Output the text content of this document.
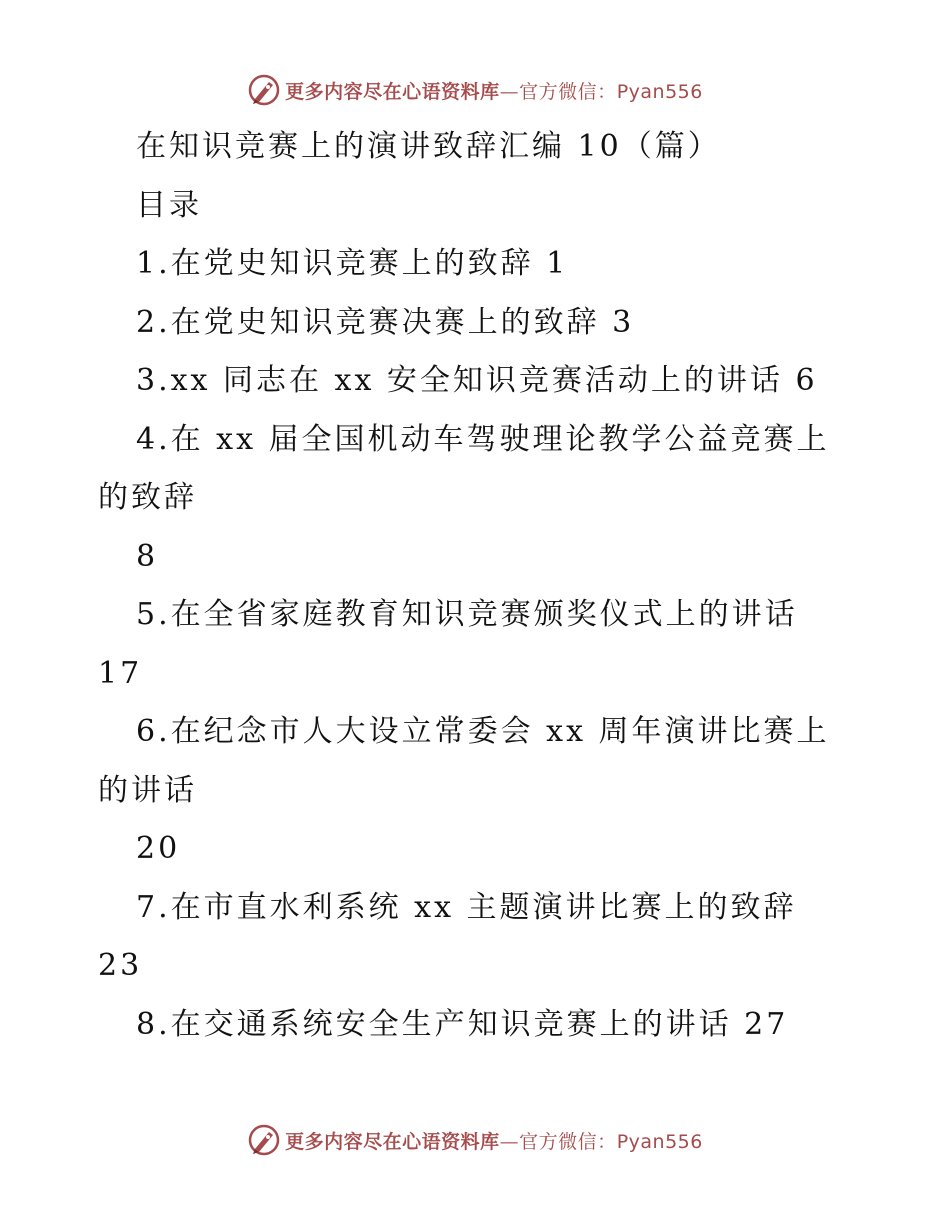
更多内容尽在心语资料库—官方微信：Pyan556
在知识竞赛上的演讲致辞汇编 10（篇）
目录
1.在党史知识竞赛上的致辞 1
2.在党史知识竞赛决赛上的致辞 3
3.xx 同志在 xx 安全知识竞赛活动上的讲话 6
4.在 xx 届全国机动车驾驶理论教学公益竞赛上
的致辞
8
5.在全省家庭教育知识竞赛颁奖仪式上的讲话
17
6.在纪念市人大设立常委会 xx 周年演讲比赛上
的讲话
20
7.在市直水利系统 xx 主题演讲比赛上的致辞
23
8.在交通系统安全生产知识竞赛上的讲话 27
更多内容尽在心语资料库—官方微信：Pyan556
